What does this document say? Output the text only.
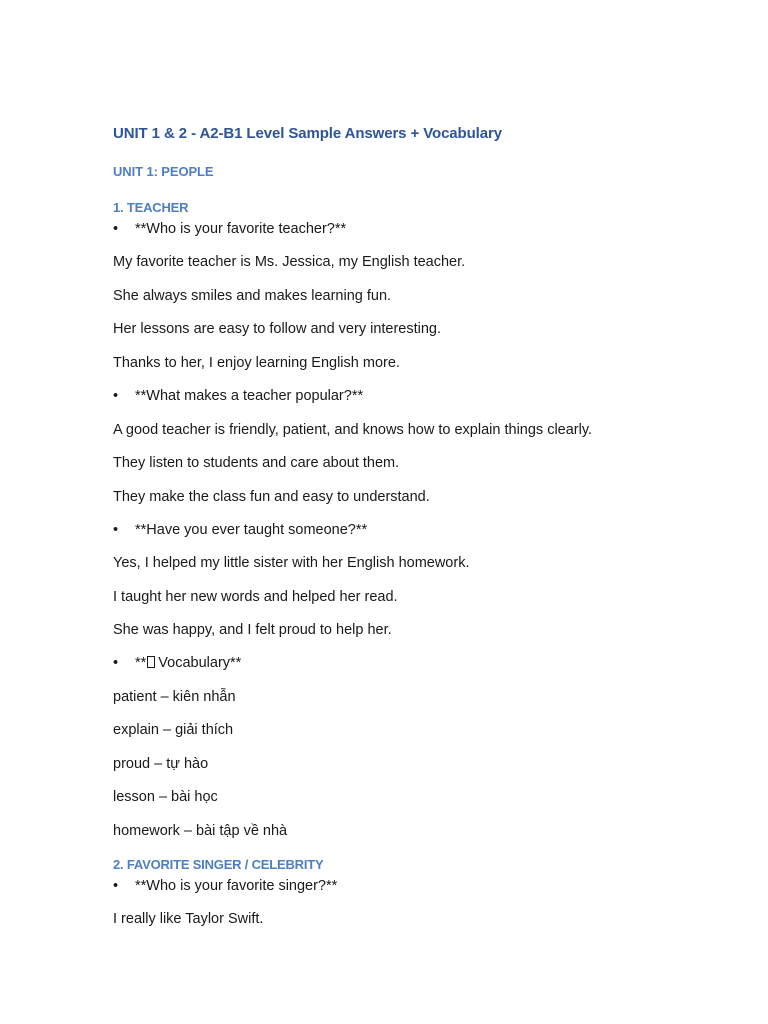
UNIT 1 & 2 - A2-B1 Level Sample Answers + Vocabulary

UNIT 1: PEOPLE

1. TEACHER

• **Who is your favorite teacher?**

My favorite teacher is Ms. Jessica, my English teacher.

She always smiles and makes learning fun.

Her lessons are easy to follow and very interesting.

Thanks to her, I enjoy learning English more.

• **What makes a teacher popular?**

A good teacher is friendly, patient, and knows how to explain things clearly.

They listen to students and care about them.

They make the class fun and easy to understand.

• **Have you ever taught someone?**

Yes, I helped my little sister with her English homework.

I taught her new words and helped her read.

She was happy, and I felt proud to help her.

• ** Vocabulary**

patient – kiên nhẫn

explain – giải thích

proud – tự hào

lesson – bài học

homework – bài tập về nhà

2. FAVORITE SINGER / CELEBRITY

• **Who is your favorite singer?**

I really like Taylor Swift.
